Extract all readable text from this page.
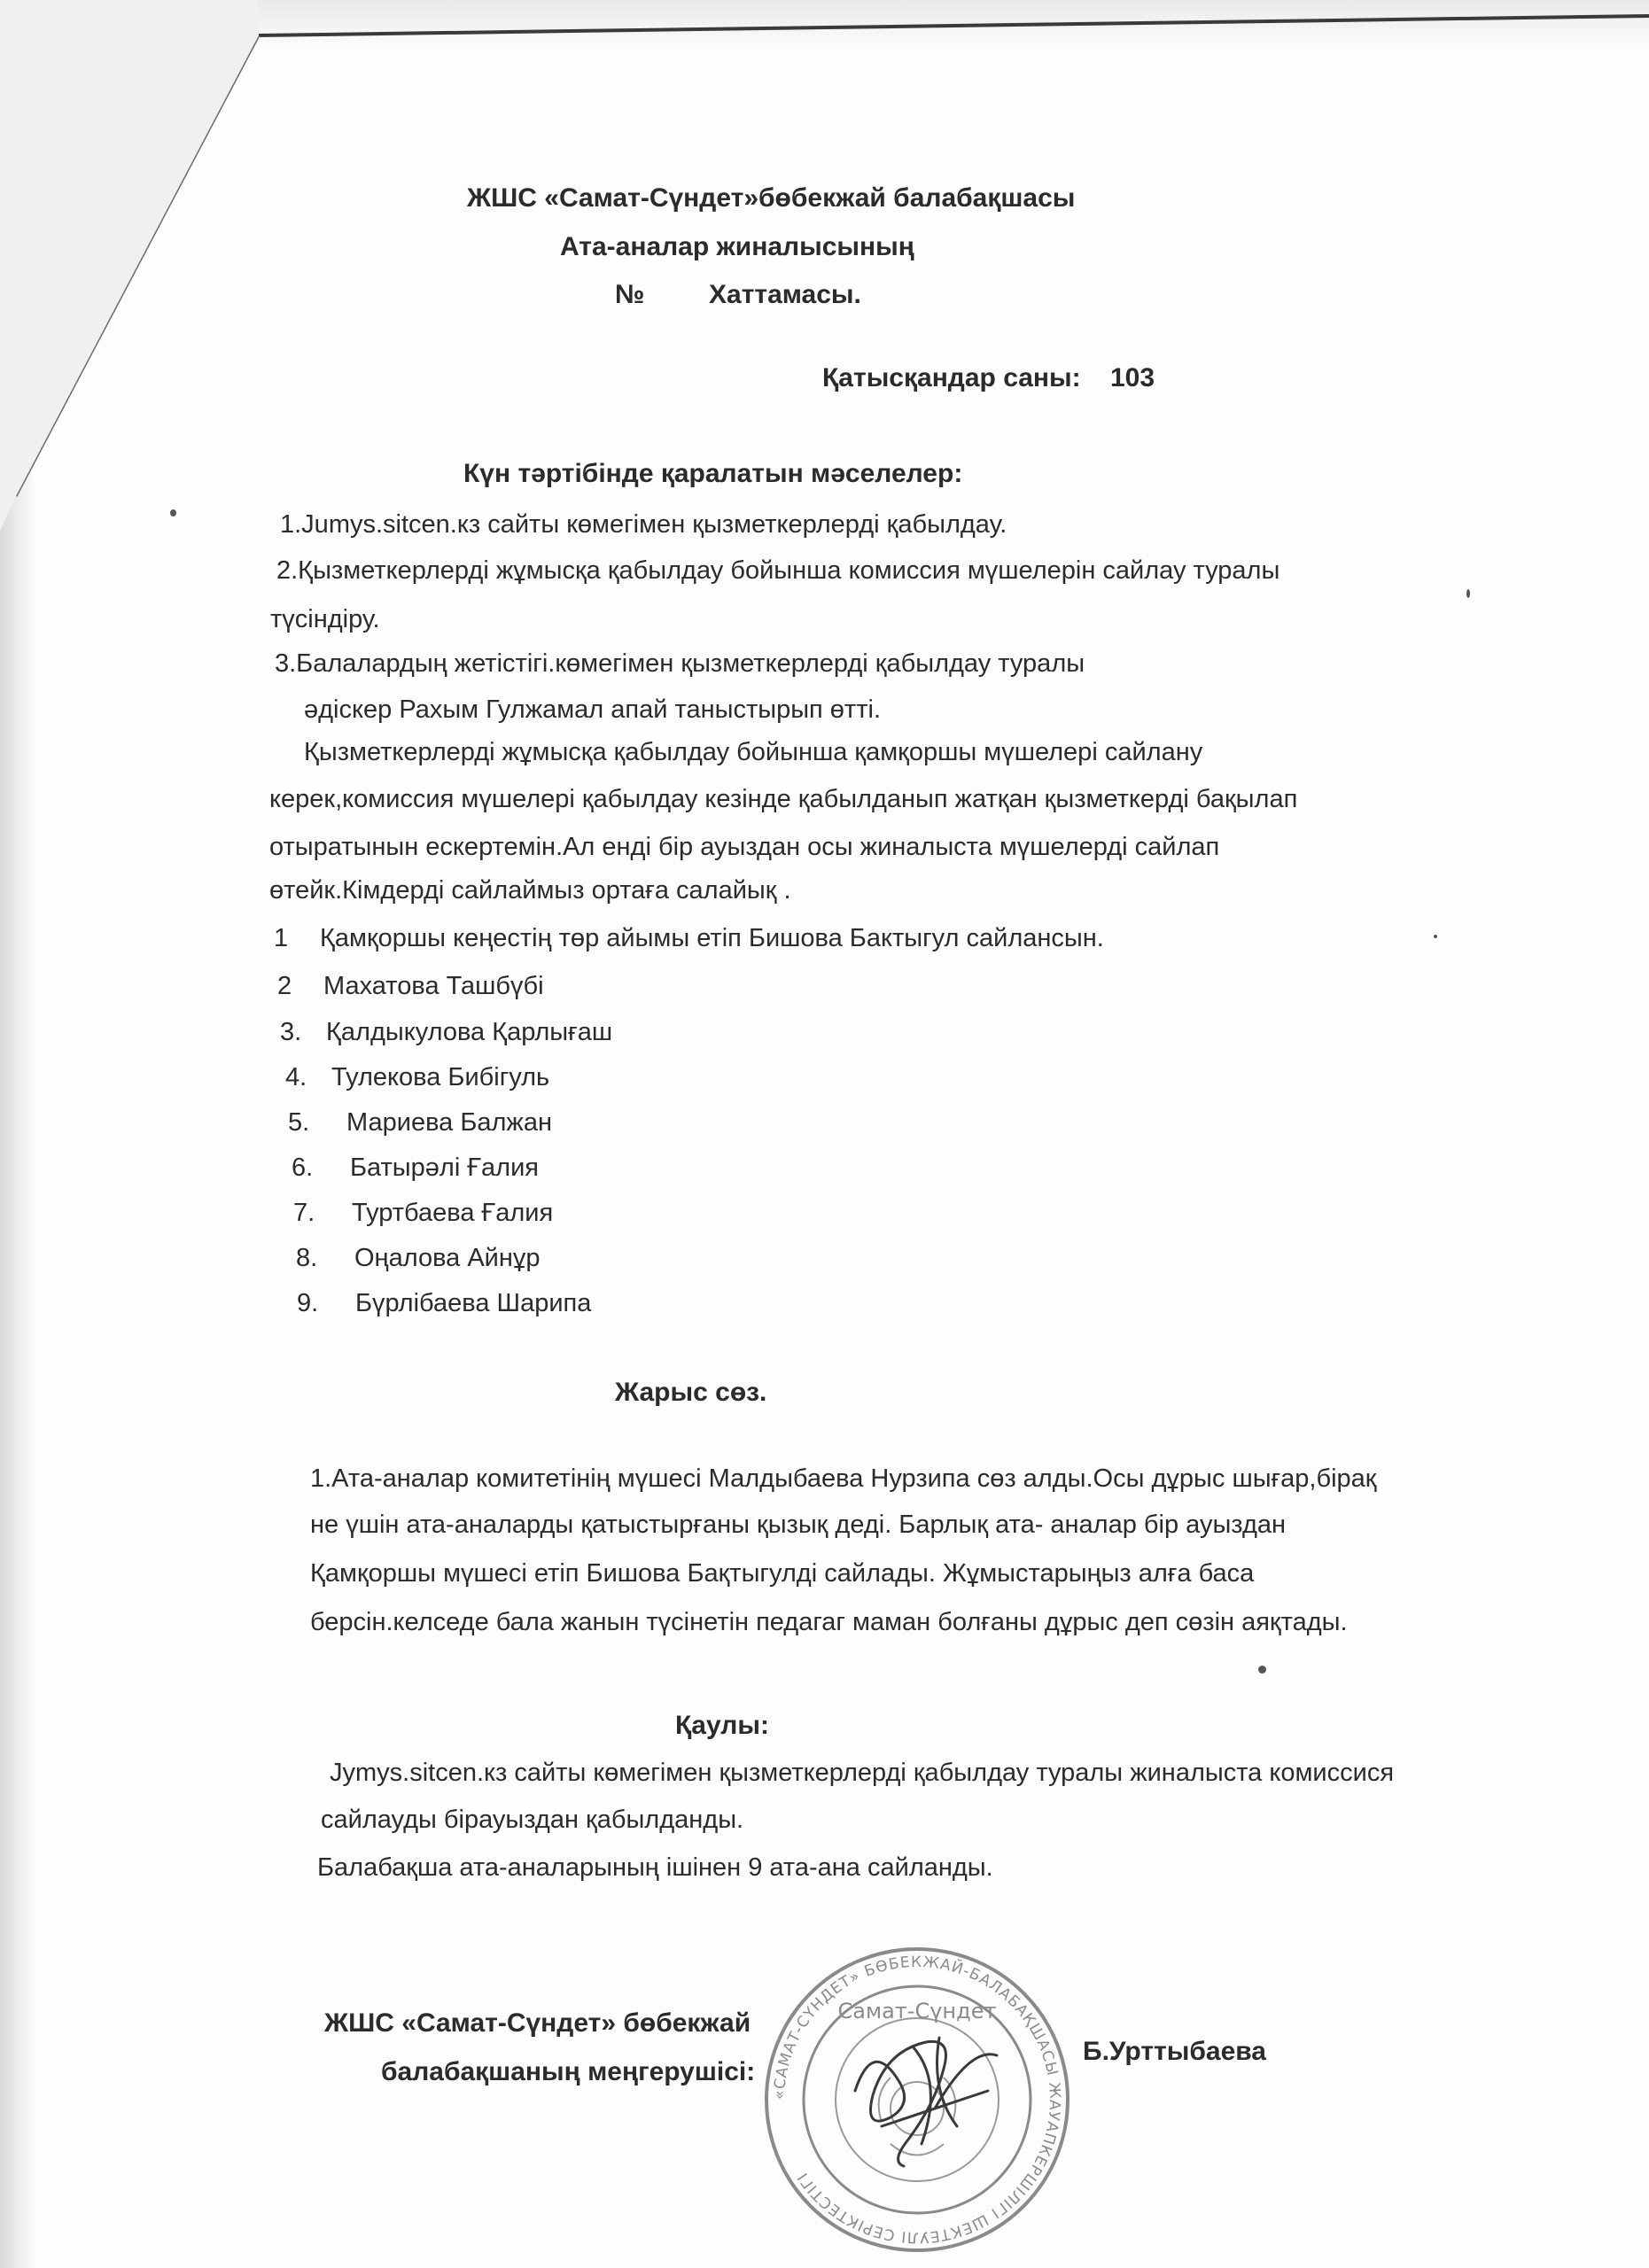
ЖШС «Самат-Сүндет»бөбекжай балабақшасы

Ата-аналар жиналысының

№ Хаттамасы.

Қатысқандар саны: 103

Күн тәртібінде қаралатын мәселелер:

1.Jumys.sitcen.кз сайты көмегімен қызметкерлерді қабылдау.

2.Қызметкерлерді жұмысқа қабылдау бойынша комиссия мүшелерін сайлау туралы

түсіндіру.

3.Балалардың жетістігі.көмегімен қызметкерлерді қабылдау туралы

әдіскер Рахым Гулжамал апай таныстырып өтті.

Қызметкерлерді жұмысқа қабылдау бойынша қамқоршы мүшелері сайлану

керек,комиссия мүшелері қабылдау кезінде қабылданып жатқан қызметкерді бақылап

отыратынын ескертемін.Ал енді бір ауыздан осы жиналыста мүшелерді сайлап

өтейк.Кімдерді сайлаймыз ортаға салайық .

1 Қамқоршы кеңестің төр айымы етіп Бишова Бактыгул сайлансын.

2 Махатова Ташбүбі

3. Қалдыкулова Қарлығаш

4. Тулекова Бибігуль

5. Мариева Балжан

6. Батырәлі Ғалия

7. Туртбаева Ғалия

8. Оңалова Айнұр

9. Бүрлібаева Шарипа

Жарыс сөз.

1.Ата-аналар комитетінің мүшесі Малдыбаева Нурзипа сөз алды.Осы дұрыс шығар,бірақ

не үшін ата-аналарды қатыстырғаны қызық деді. Барлық ата- аналар бір ауыздан

Қамқоршы мүшесі етіп Бишова Бақтыгулді сайлады. Жұмыстарыңыз алға баса

берсін.келседе бала жанын түсінетін педагаг маман болғаны дұрыс деп сөзін аяқтады.

Қаулы:

Jymys.sitcen.кз сайты көмегімен қызметкерлерді қабылдау туралы жиналыста комиссися

сайлауды бірауыздан қабылданды.

Балабақша ата-аналарының ішінен 9 ата-ана сайланды.

ЖШС «Самат-Сүндет» бөбекжай

балабақшаның меңгерушісі:

Б.Урттыбаева

«САМАТ-СҮНДЕТ» БӨБЕКЖАЙ-БАЛАБАҚШАСЫ ЖАУАПКЕРШІЛІГІ ШЕКТЕУЛІ СЕРІКТЕСТІГІ
Самат-Сүндет
